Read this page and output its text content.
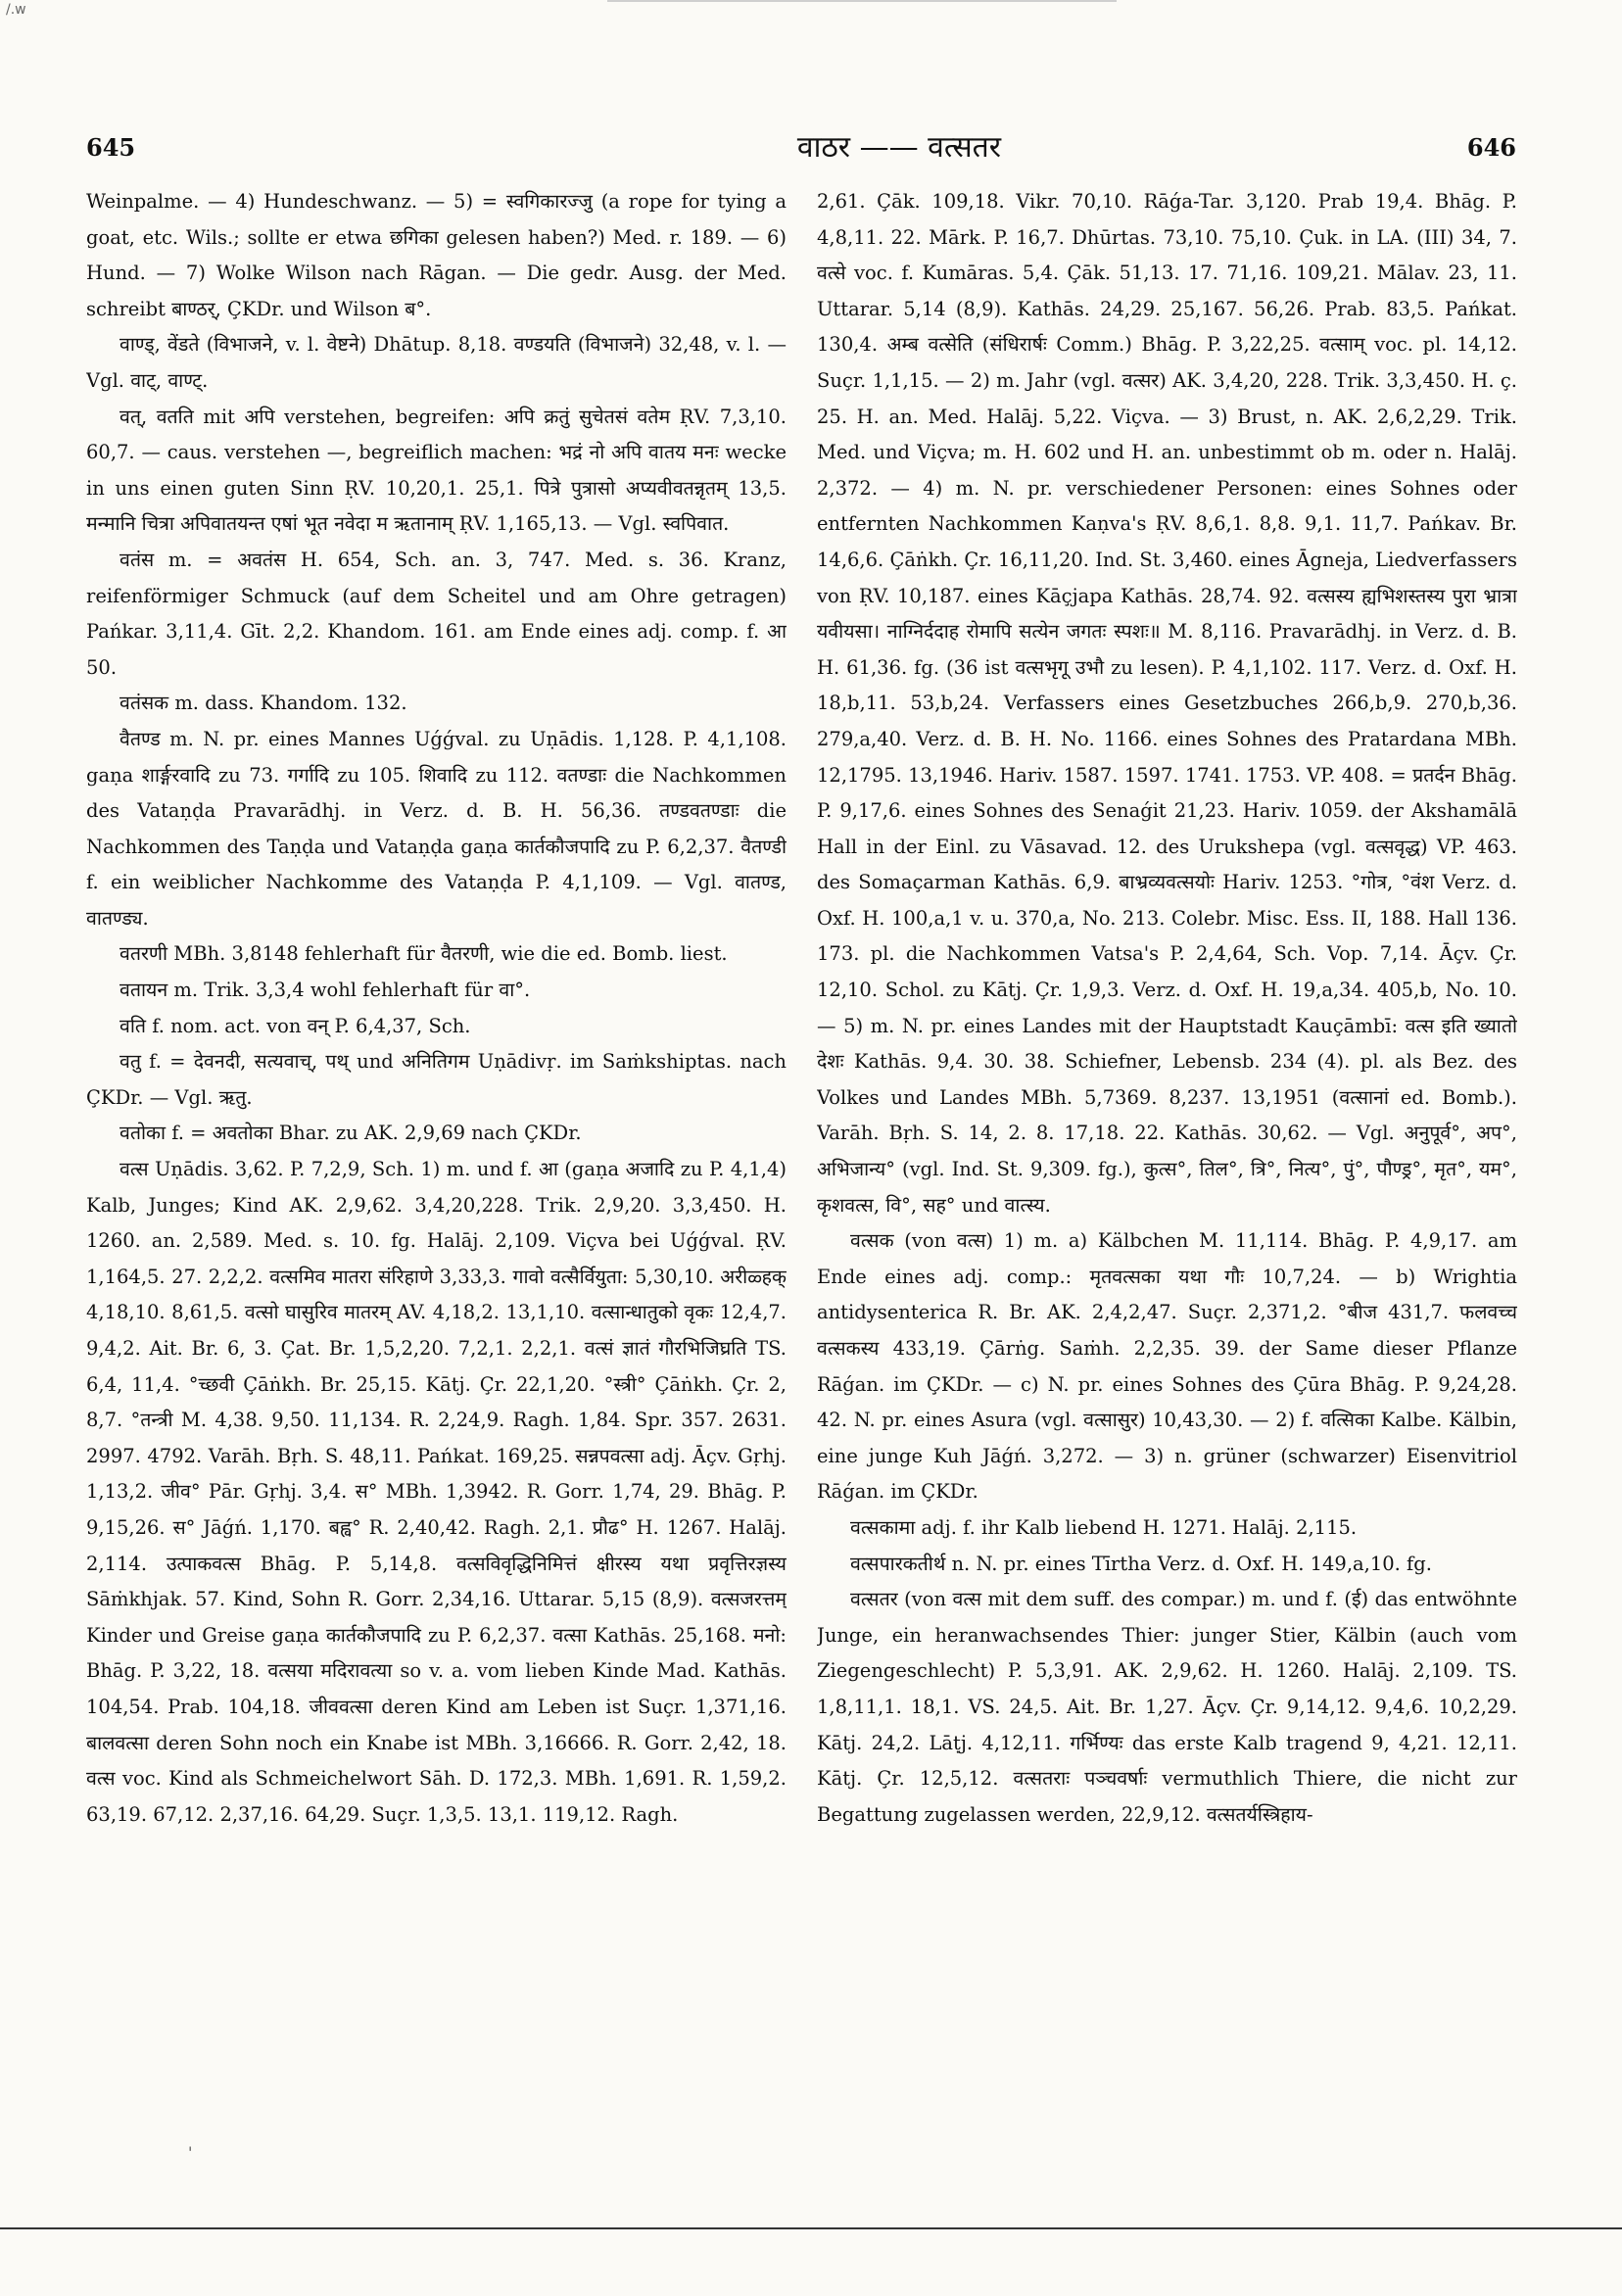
/.w
645	वाठर —— वत्सतर	646

Weinpalme. — 4) Hundeschwanz. — 5) = स्वगिकारज्जु (a rope for tying a goat, etc. Wils.; sollte er etwa छगिका gelesen haben?) Med. r. 189. — 6) Hund. — 7) Wolke Wilson nach Rāgan. — Die gedr. Ausg. der Med. schreibt बाण्ठर्, ÇKDr. und Wilson ब°.

वाण्ड्, वेंडते (विभाजने, v. l. वेष्टने) Dhātup. 8,18. वण्डयति (विभाजने) 32,48, v. l. — Vgl. वाट्, वाण्ट्.

वत्, वतति mit अपि verstehen, begreifen: अपि क्रतुं सुचेतसं वतेम ṚV. 7,3,10. 60,7. — caus. verstehen —, begreiflich machen: भद्रं नो अपि वातय मनः wecke in uns einen guten Sinn ṚV. 10,20,1. 25,1. पित्रे पुत्रासो अप्यवीवतन्नृतम् 13,5. मन्मानि चित्रा अपिवातयन्त एषां भूत नवेदा म ऋतानाम् ṚV. 1,165,13. — Vgl. स्वपिवात.

वतंस m. = अवतंस H. 654, Sch. an. 3, 747. Med. s. 36. Kranz, reifenförmiger Schmuck (auf dem Scheitel und am Ohre getragen) Pańkar. 3,11,4. Gīt. 2,2. Khandom. 161. am Ende eines adj. comp. f. आ 50.

वतंसक m. dass. Khandom. 132.

वैतण्ड m. N. pr. eines Mannes Uǵǵval. zu Uṇādis. 1,128. P. 4,1,108. gaṇa शार्ङ्गरवादि zu 73. गर्गादि zu 105. शिवादि zu 112. वतण्डाः die Nachkommen des Vataṇḍa Pravarādhj. in Verz. d. B. H. 56,36. तण्डवतण्डाः die Nachkommen des Taṇḍa und Vataṇḍa gaṇa कार्तकौजपादि zu P. 6,2,37. वैतण्डी f. ein weiblicher Nachkomme des Vataṇḍa P. 4,1,109. — Vgl. वातण्ड, वातण्ड्य.

वतरणी MBh. 3,8148 fehlerhaft für वैतरणी, wie die ed. Bomb. liest.

वतायन m. Trik. 3,3,4 wohl fehlerhaft für वा°.

वति f. nom. act. von वन् P. 6,4,37, Sch.

वतु f. = देवनदी, सत्यवाच्, पथ् und अनितिगम Uṇādivṛ. im Saṁkshiptas. nach ÇKDr. — Vgl. ऋतु.

वतोका f. = अवतोका Bhar. zu AK. 2,9,69 nach ÇKDr.

वत्स Uṇādis. 3,62. P. 7,2,9, Sch. 1) m. und f. आ (gaṇa अजादि zu P. 4,1,4) Kalb, Junges; Kind AK. 2,9,62. 3,4,20,228. Trik. 2,9,20. 3,3,450. H. 1260. an. 2,589. Med. s. 10. fg. Halāj. 2,109. Viçva bei Uǵǵval. ṚV. 1,164,5. 27. 2,2,2. वत्समिव मातरा संरिहाणे 3,33,3. गावो वत्सैर्वियुता: 5,30,10. अरीळ्हक् 4,18,10. 8,61,5. वत्सो घासुरिव मातरम् AV. 4,18,2. 13,1,10. वत्सान्धातुको वृकः 12,4,7. 9,4,2. Ait. Br. 6, 3. Çat. Br. 1,5,2,20. 7,2,1. 2,2,1. वत्सं ज्ञातं गौरभिजिघ्रति TS. 6,4, 11,4. °च्छवी Çāṅkh. Br. 25,15. Kātj. Çr. 22,1,20. °स्त्री° Çāṅkh. Çr. 2, 8,7. °तन्त्री M. 4,38. 9,50. 11,134. R. 2,24,9. Ragh. 1,84. Spr. 357. 2631. 2997. 4792. Varāh. Bṛh. S. 48,11. Pańkat. 169,25. सन्नपवत्सा adj. Āçv. Gṛhj. 1,13,2. जीव° Pār. Gṛhj. 3,4. स° MBh. 1,3942. R. Gorr. 1,74, 29. Bhāg. P. 9,15,26. स° Jāǵń. 1,170. बह्व° R. 2,40,42. Ragh. 2,1. प्रौढ° H. 1267. Halāj. 2,114. उत्पाकवत्स Bhāg. P. 5,14,8. वत्सविवृद्धिनिमित्तं क्षीरस्य यथा प्रवृत्तिरज्ञस्य Sāṁkhjak. 57. Kind, Sohn R. Gorr. 2,34,16. Uttarar. 5,15 (8,9). वत्सजरत्तम् Kinder und Greise gaṇa कार्तकौजपादि zu P. 6,2,37. वत्सा Kathās. 25,168. मनो: Bhāg. P. 3,22, 18. वत्सया मदिरावत्या so v. a. vom lieben Kinde Mad. Kathās. 104,54. Prab. 104,18. जीववत्सा deren Kind am Leben ist Suçr. 1,371,16. बालवत्सा deren Sohn noch ein Knabe ist MBh. 3,16666. R. Gorr. 2,42, 18. वत्स voc. Kind als Schmeichelwort Sāh. D. 172,3. MBh. 1,691. R. 1,59,2. 63,19. 67,12. 2,37,16. 64,29. Suçr. 1,3,5. 13,1. 119,12. Ragh.

2,61. Çāk. 109,18. Vikr. 70,10. Rāǵa-Tar. 3,120. Prab 19,4. Bhāg. P. 4,8,11. 22. Mārk. P. 16,7. Dhūrtas. 73,10. 75,10. Çuk. in LA. (III) 34, 7. वत्से voc. f. Kumāras. 5,4. Çāk. 51,13. 17. 71,16. 109,21. Mālav. 23, 11. Uttarar. 5,14 (8,9). Kathās. 24,29. 25,167. 56,26. Prab. 83,5. Pańkat. 130,4. अम्ब वत्सेति (संधिरार्षः Comm.) Bhāg. P. 3,22,25. वत्साम् voc. pl. 14,12. Suçr. 1,1,15. — 2) m. Jahr (vgl. वत्सर) AK. 3,4,20, 228. Trik. 3,3,450. H. ç. 25. H. an. Med. Halāj. 5,22. Viçva. — 3) Brust, n. AK. 2,6,2,29. Trik. Med. und Viçva; m. H. 602 und H. an. unbestimmt ob m. oder n. Halāj. 2,372. — 4) m. N. pr. verschiedener Personen: eines Sohnes oder entfernten Nachkommen Kaṇva's ṚV. 8,6,1. 8,8. 9,1. 11,7. Pańkav. Br. 14,6,6. Çāṅkh. Çr. 16,11,20. Ind. St. 3,460. eines Āgneja, Liedverfassers von ṚV. 10,187. eines Kāçjapa Kathās. 28,74. 92. वत्सस्य ह्यभिशस्तस्य पुरा भ्रात्रा यवीयसा। नाग्निर्ददाह रोमापि सत्येन जगतः स्पशः॥ M. 8,116. Pravarādhj. in Verz. d. B. H. 61,36. fg. (36 ist वत्सभृगू उभौ zu lesen). P. 4,1,102. 117. Verz. d. Oxf. H. 18,b,11. 53,b,24. Verfassers eines Gesetzbuches 266,b,9. 270,b,36. 279,a,40. Verz. d. B. H. No. 1166. eines Sohnes des Pratardana MBh. 12,1795. 13,1946. Hariv. 1587. 1597. 1741. 1753. VP. 408. = प्रतर्दन Bhāg. P. 9,17,6. eines Sohnes des Senaǵit 21,23. Hariv. 1059. der Akshamālā Hall in der Einl. zu Vāsavad. 12. des Urukshepa (vgl. वत्सवृद्ध) VP. 463. des Somaçarman Kathās. 6,9. बाभ्रव्यवत्सयोः Hariv. 1253. °गोत्र, °वंश Verz. d. Oxf. H. 100,a,1 v. u. 370,a, No. 213. Colebr. Misc. Ess. II, 188. Hall 136. 173. pl. die Nachkommen Vatsa's P. 2,4,64, Sch. Vop. 7,14. Āçv. Çr. 12,10. Schol. zu Kātj. Çr. 1,9,3. Verz. d. Oxf. H. 19,a,34. 405,b, No. 10. — 5) m. N. pr. eines Landes mit der Hauptstadt Kauçāmbī: वत्स इति ख्यातो देशः Kathās. 9,4. 30. 38. Schiefner, Lebensb. 234 (4). pl. als Bez. des Volkes und Landes MBh. 5,7369. 8,237. 13,1951 (वत्सानां ed. Bomb.). Varāh. Bṛh. S. 14, 2. 8. 17,18. 22. Kathās. 30,62. — Vgl. अनुपूर्व°, अप°, अभिजान्य° (vgl. Ind. St. 9,309. fg.), कुत्स°, तिल°, त्रि°, नित्य°, पुं°, पौण्ड्र°, मृत°, यम°, कृशवत्स, वि°, सह° und वात्स्य.

वत्सक (von वत्स) 1) m. a) Kälbchen M. 11,114. Bhāg. P. 4,9,17. am Ende eines adj. comp.: मृतवत्सका यथा गौः 10,7,24. — b) Wrightia antidysenterica R. Br. AK. 2,4,2,47. Suçr. 2,371,2. °बीज 431,7. फलवच्च वत्सकस्य 433,19. Çārṅg. Saṁh. 2,2,35. 39. der Same dieser Pflanze Rāǵan. im ÇKDr. — c) N. pr. eines Sohnes des Çūra Bhāg. P. 9,24,28. 42. N. pr. eines Asura (vgl. वत्सासुर) 10,43,30. — 2) f. वत्सिका Kalbe. Kälbin, eine junge Kuh Jāǵń. 3,272. — 3) n. grüner (schwarzer) Eisenvitriol Rāǵan. im ÇKDr.

वत्सकामा adj. f. ihr Kalb liebend H. 1271. Halāj. 2,115.

वत्सपारकतीर्थ n. N. pr. eines Tīrtha Verz. d. Oxf. H. 149,a,10. fg.

वत्सतर (von वत्स mit dem suff. des compar.) m. und f. (ई) das entwöhnte Junge, ein heranwachsendes Thier: junger Stier, Kälbin (auch vom Ziegengeschlecht) P. 5,3,91. AK. 2,9,62. H. 1260. Halāj. 2,109. TS. 1,8,11,1. 18,1. VS. 24,5. Ait. Br. 1,27. Āçv. Çr. 9,14,12. 9,4,6. 10,2,29. Kātj. 24,2. Lāṭj. 4,12,11. गर्भिण्यः das erste Kalb tragend 9, 4,21. 12,11. Kātj. Çr. 12,5,12. वत्सतराः पञ्चवर्षाः vermuthlich Thiere, die nicht zur Begattung zugelassen werden, 22,9,12. वत्सतर्यस्त्रिहाय-

'
